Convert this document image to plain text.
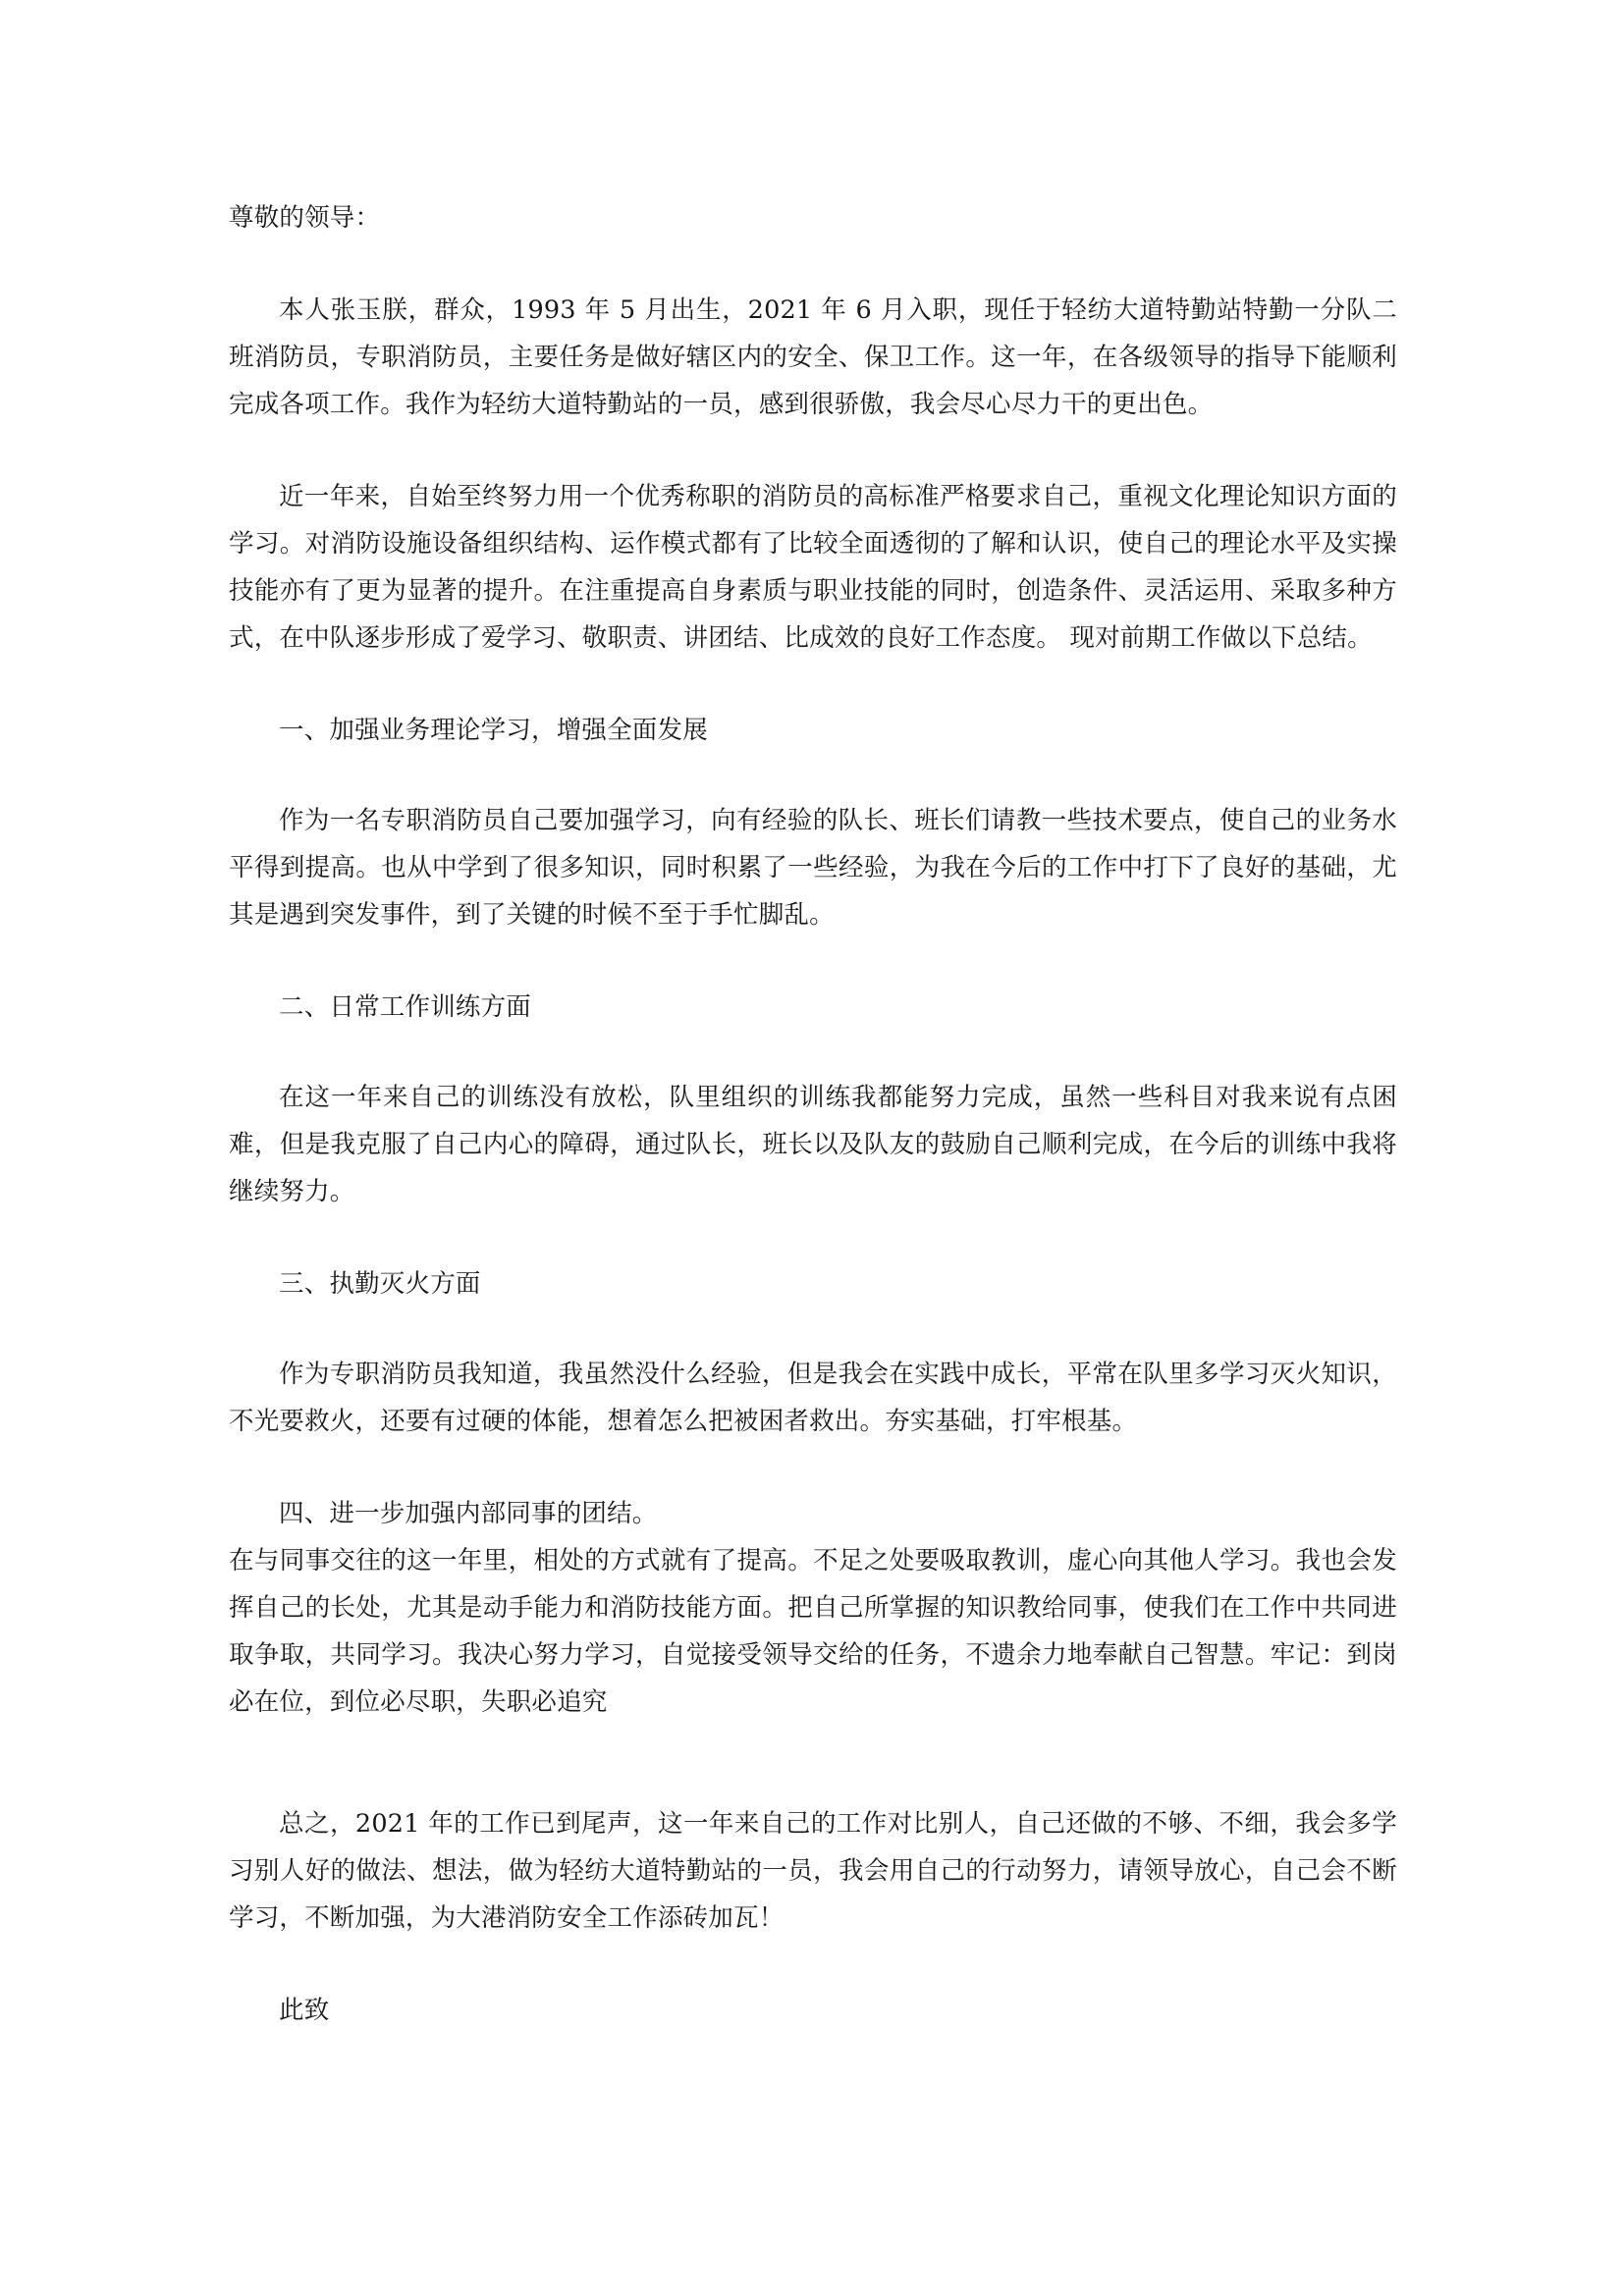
尊敬的领导：

本人张玉朕，群众，1993 年 5 月出生，2021 年 6 月入职，现任于轻纺大道特勤站特勤一分队二班消防员，专职消防员，主要任务是做好辖区内的安全、保卫工作。这一年，在各级领导的指导下能顺利完成各项工作。我作为轻纺大道特勤站的一员，感到很骄傲，我会尽心尽力干的更出色。

近一年来，自始至终努力用一个优秀称职的消防员的高标准严格要求自己，重视文化理论知识方面的学习。对消防设施设备组织结构、运作模式都有了比较全面透彻的了解和认识，使自己的理论水平及实操技能亦有了更为显著的提升。在注重提高自身素质与职业技能的同时，创造条件、灵活运用、采取多种方式，在中队逐步形成了爱学习、敬职责、讲团结、比成效的良好工作态度。 现对前期工作做以下总结。

一、加强业务理论学习，增强全面发展

作为一名专职消防员自己要加强学习，向有经验的队长、班长们请教一些技术要点，使自己的业务水平得到提高。也从中学到了很多知识，同时积累了一些经验，为我在今后的工作中打下了良好的基础，尤其是遇到突发事件，到了关键的时候不至于手忙脚乱。

二、日常工作训练方面

在这一年来自己的训练没有放松，队里组织的训练我都能努力完成，虽然一些科目对我来说有点困难，但是我克服了自己内心的障碍，通过队长，班长以及队友的鼓励自己顺利完成，在今后的训练中我将继续努力。

三、执勤灭火方面

作为专职消防员我知道，我虽然没什么经验，但是我会在实践中成长，平常在队里多学习灭火知识，不光要救火，还要有过硬的体能，想着怎么把被困者救出。夯实基础，打牢根基。

四、进一步加强内部同事的团结。

在与同事交往的这一年里，相处的方式就有了提高。不足之处要吸取教训，虚心向其他人学习。我也会发挥自己的长处，尤其是动手能力和消防技能方面。把自己所掌握的知识教给同事，使我们在工作中共同进取争取，共同学习。我决心努力学习，自觉接受领导交给的任务，不遗余力地奉献自己智慧。牢记：到岗必在位，到位必尽职，失职必追究

总之，2021 年的工作已到尾声，这一年来自己的工作对比别人，自己还做的不够、不细，我会多学习别人好的做法、想法，做为轻纺大道特勤站的一员，我会用自己的行动努力，请领导放心，自己会不断学习，不断加强，为大港消防安全工作添砖加瓦！

此致
